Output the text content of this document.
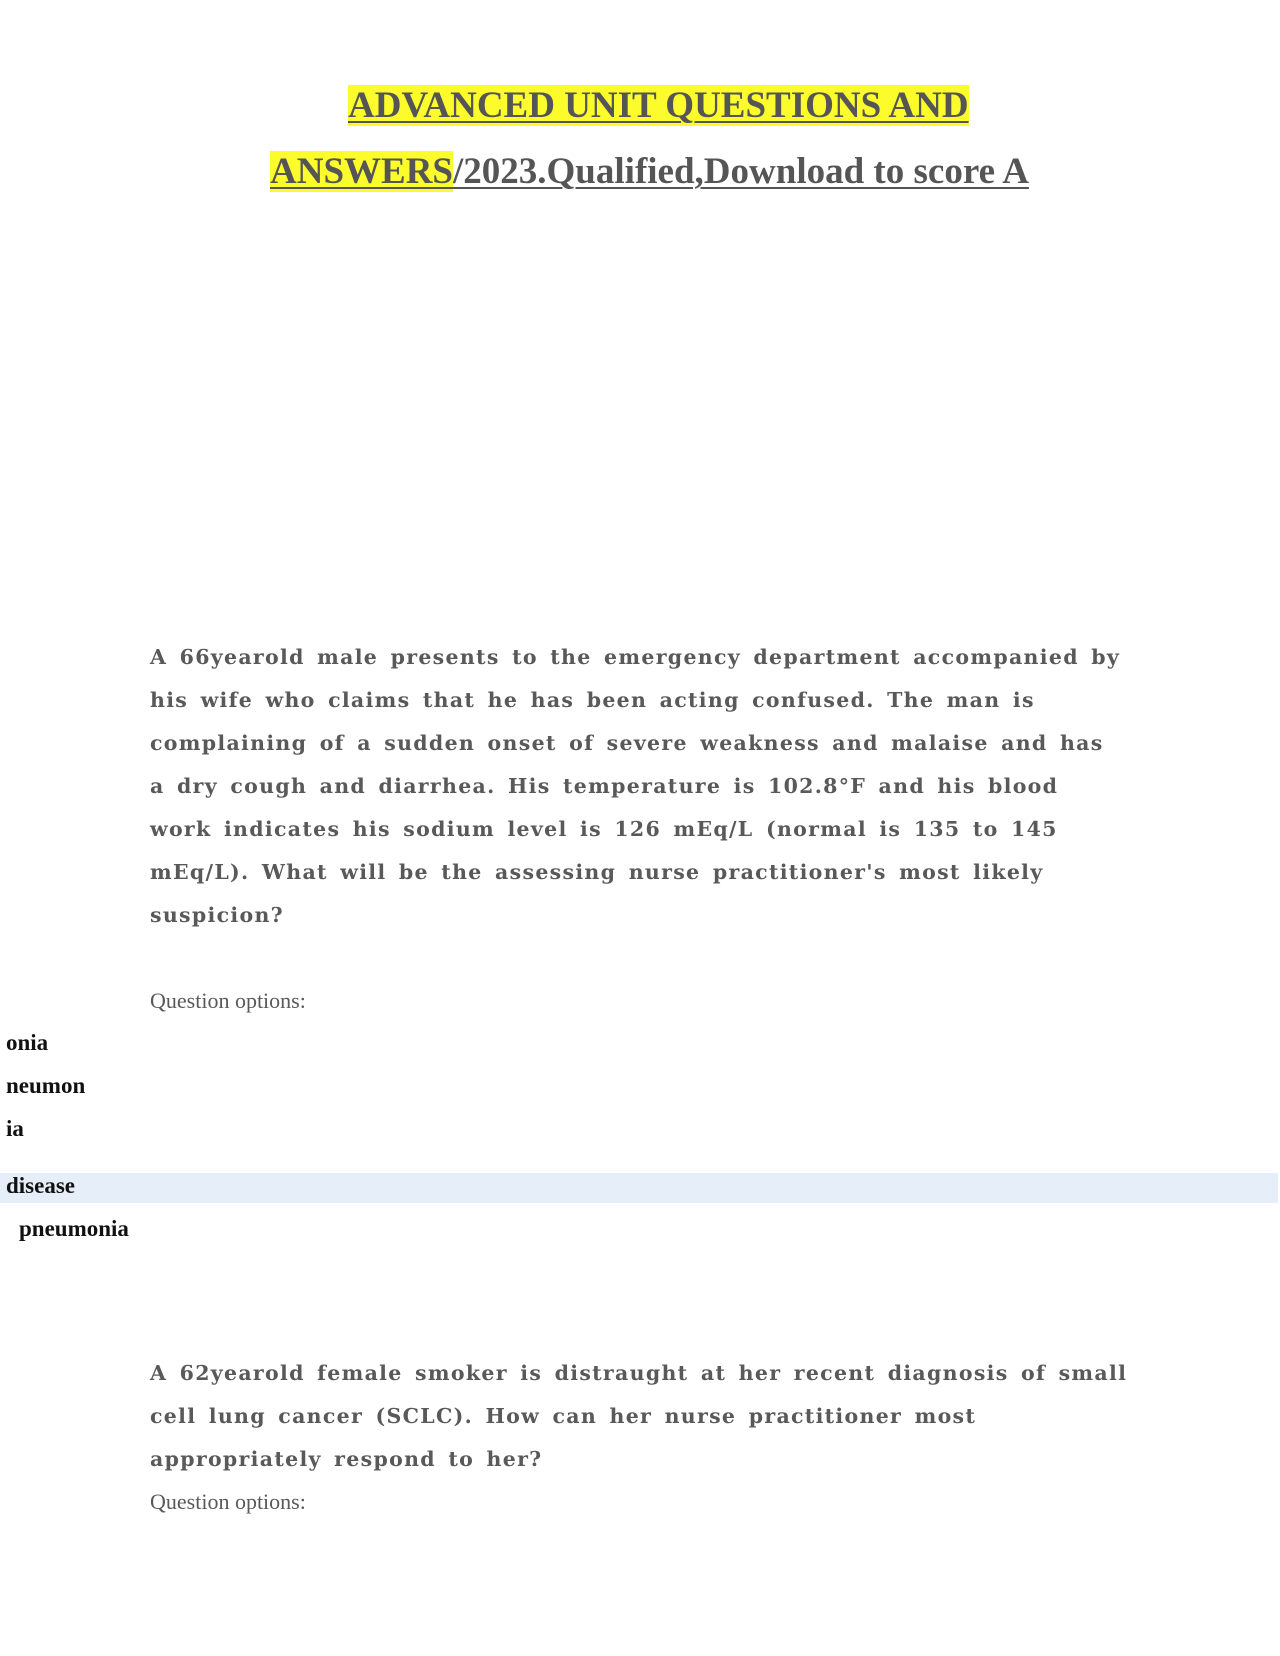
ADVANCED UNIT QUESTIONS AND
ANSWERS/2023.Qualified,Download to score A
A 66yearold male presents to the emergency department accompanied by his wife who claims that he has been acting confused. The man is complaining of a sudden onset of severe weakness and malaise and has a dry cough and diarrhea. His temperature is 102.8°F and his blood work indicates his sodium level is 126 mEq/L (normal is 135 to 145 mEq/L). What will be the assessing nurse practitioner's most likely suspicion?
Question options:
onia
neumon
ia
disease
pneumonia
A 62yearold female smoker is distraught at her recent diagnosis of small cell lung cancer (SCLC). How can her nurse practitioner most appropriately respond to her?
Question options:
